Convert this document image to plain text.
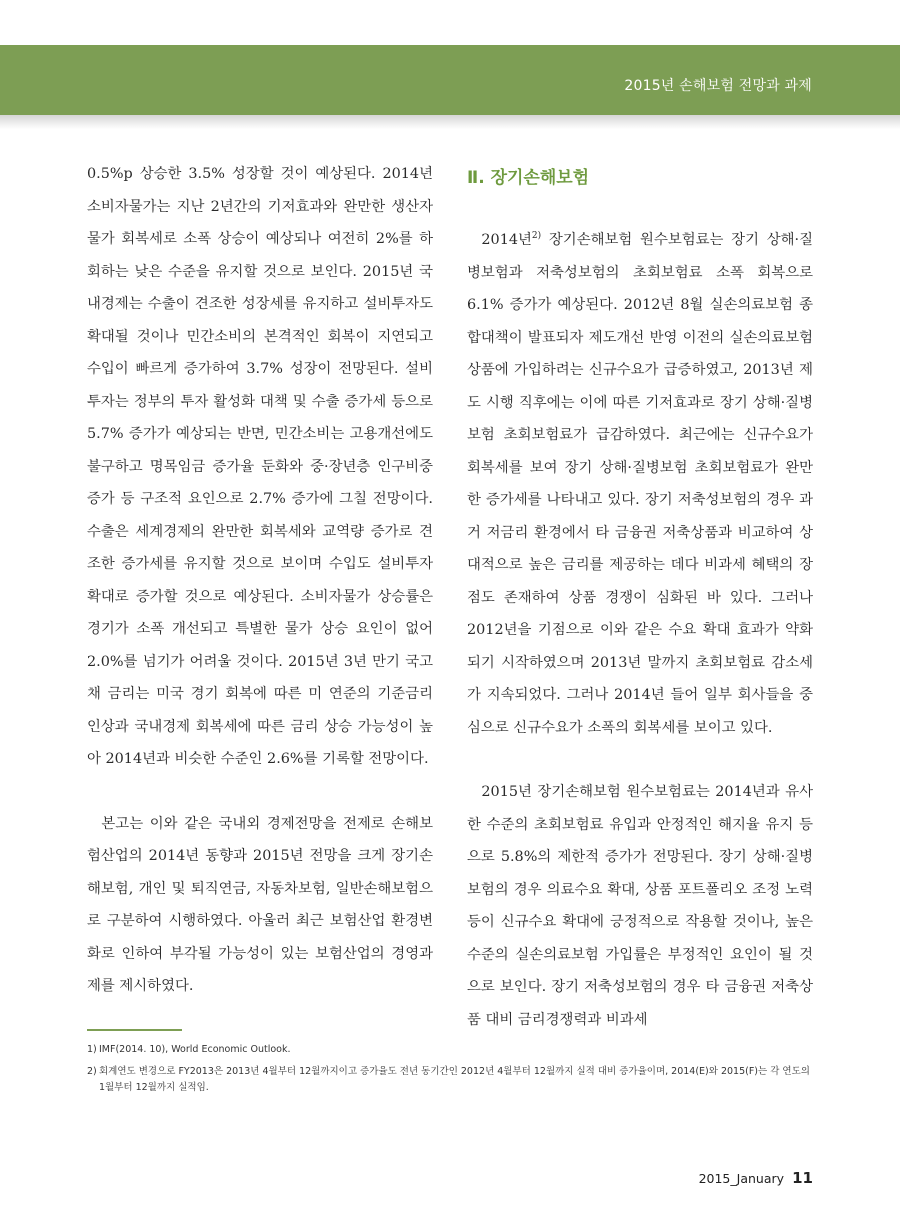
2015년 손해보험 전망과 과제

0.5%p 상승한 3.5% 성장할 것이 예상된다. 2014년 소비자물가는 지난 2년간의 기저효과와 완만한 생산자물가 회복세로 소폭 상승이 예상되나 여전히 2%를 하회하는 낮은 수준을 유지할 것으로 보인다. 2015년 국내경제는 수출이 견조한 성장세를 유지하고 설비투자도 확대될 것이나 민간소비의 본격적인 회복이 지연되고 수입이 빠르게 증가하여 3.7% 성장이 전망된다. 설비투자는 정부의 투자 활성화 대책 및 수출 증가세 등으로 5.7% 증가가 예상되는 반면, 민간소비는 고용개선에도 불구하고 명목임금 증가율 둔화와 중·장년층 인구비중 증가 등 구조적 요인으로 2.7% 증가에 그칠 전망이다. 수출은 세계경제의 완만한 회복세와 교역량 증가로 견조한 증가세를 유지할 것으로 보이며 수입도 설비투자 확대로 증가할 것으로 예상된다. 소비자물가 상승률은 경기가 소폭 개선되고 특별한 물가 상승 요인이 없어 2.0%를 넘기가 어려울 것이다. 2015년 3년 만기 국고채 금리는 미국 경기 회복에 따른 미 연준의 기준금리 인상과 국내경제 회복세에 따른 금리 상승 가능성이 높아 2014년과 비슷한 수준인 2.6%를 기록할 전망이다.

본고는 이와 같은 국내외 경제전망을 전제로 손해보험산업의 2014년 동향과 2015년 전망을 크게 장기손해보험, 개인 및 퇴직연금, 자동차보험, 일반손해보험으로 구분하여 시행하였다. 아울러 최근 보험산업 환경변화로 인하여 부각될 가능성이 있는 보험산업의 경영과제를 제시하였다.

Ⅱ. 장기손해보험

2014년$^{2)}$ 장기손해보험 원수보험료는 장기 상해·질병보험과 저축성보험의 초회보험료 소폭 회복으로 6.1% 증가가 예상된다. 2012년 8월 실손의료보험 종합대책이 발표되자 제도개선 반영 이전의 실손의료보험 상품에 가입하려는 신규수요가 급증하였고, 2013년 제도 시행 직후에는 이에 따른 기저효과로 장기 상해·질병보험 초회보험료가 급감하였다. 최근에는 신규수요가 회복세를 보여 장기 상해·질병보험 초회보험료가 완만한 증가세를 나타내고 있다. 장기 저축성보험의 경우 과거 저금리 환경에서 타 금융권 저축상품과 비교하여 상대적으로 높은 금리를 제공하는 데다 비과세 혜택의 장점도 존재하여 상품 경쟁이 심화된 바 있다. 그러나 2012년을 기점으로 이와 같은 수요 확대 효과가 약화되기 시작하였으며 2013년 말까지 초회보험료 감소세가 지속되었다. 그러나 2014년 들어 일부 회사들을 중심으로 신규수요가 소폭의 회복세를 보이고 있다.

2015년 장기손해보험 원수보험료는 2014년과 유사한 수준의 초회보험료 유입과 안정적인 해지율 유지 등으로 5.8%의 제한적 증가가 전망된다. 장기 상해·질병보험의 경우 의료수요 확대, 상품 포트폴리오 조정 노력 등이 신규수요 확대에 긍정적으로 작용할 것이나, 높은 수준의 실손의료보험 가입률은 부정적인 요인이 될 것으로 보인다. 장기 저축성보험의 경우 타 금융권 저축상품 대비 금리경쟁력과 비과세

1) IMF(2014. 10), World Economic Outlook.
2) 회계연도 변경으로 FY2013은 2013년 4월부터 12월까지이고 증가율도 전년 동기간인 2012년 4월부터 12월까지 실적 대비 증가율이며, 2014(E)와 2015(F)는 각 연도의 1월부터 12월까지 실적임.
2015_January 11
